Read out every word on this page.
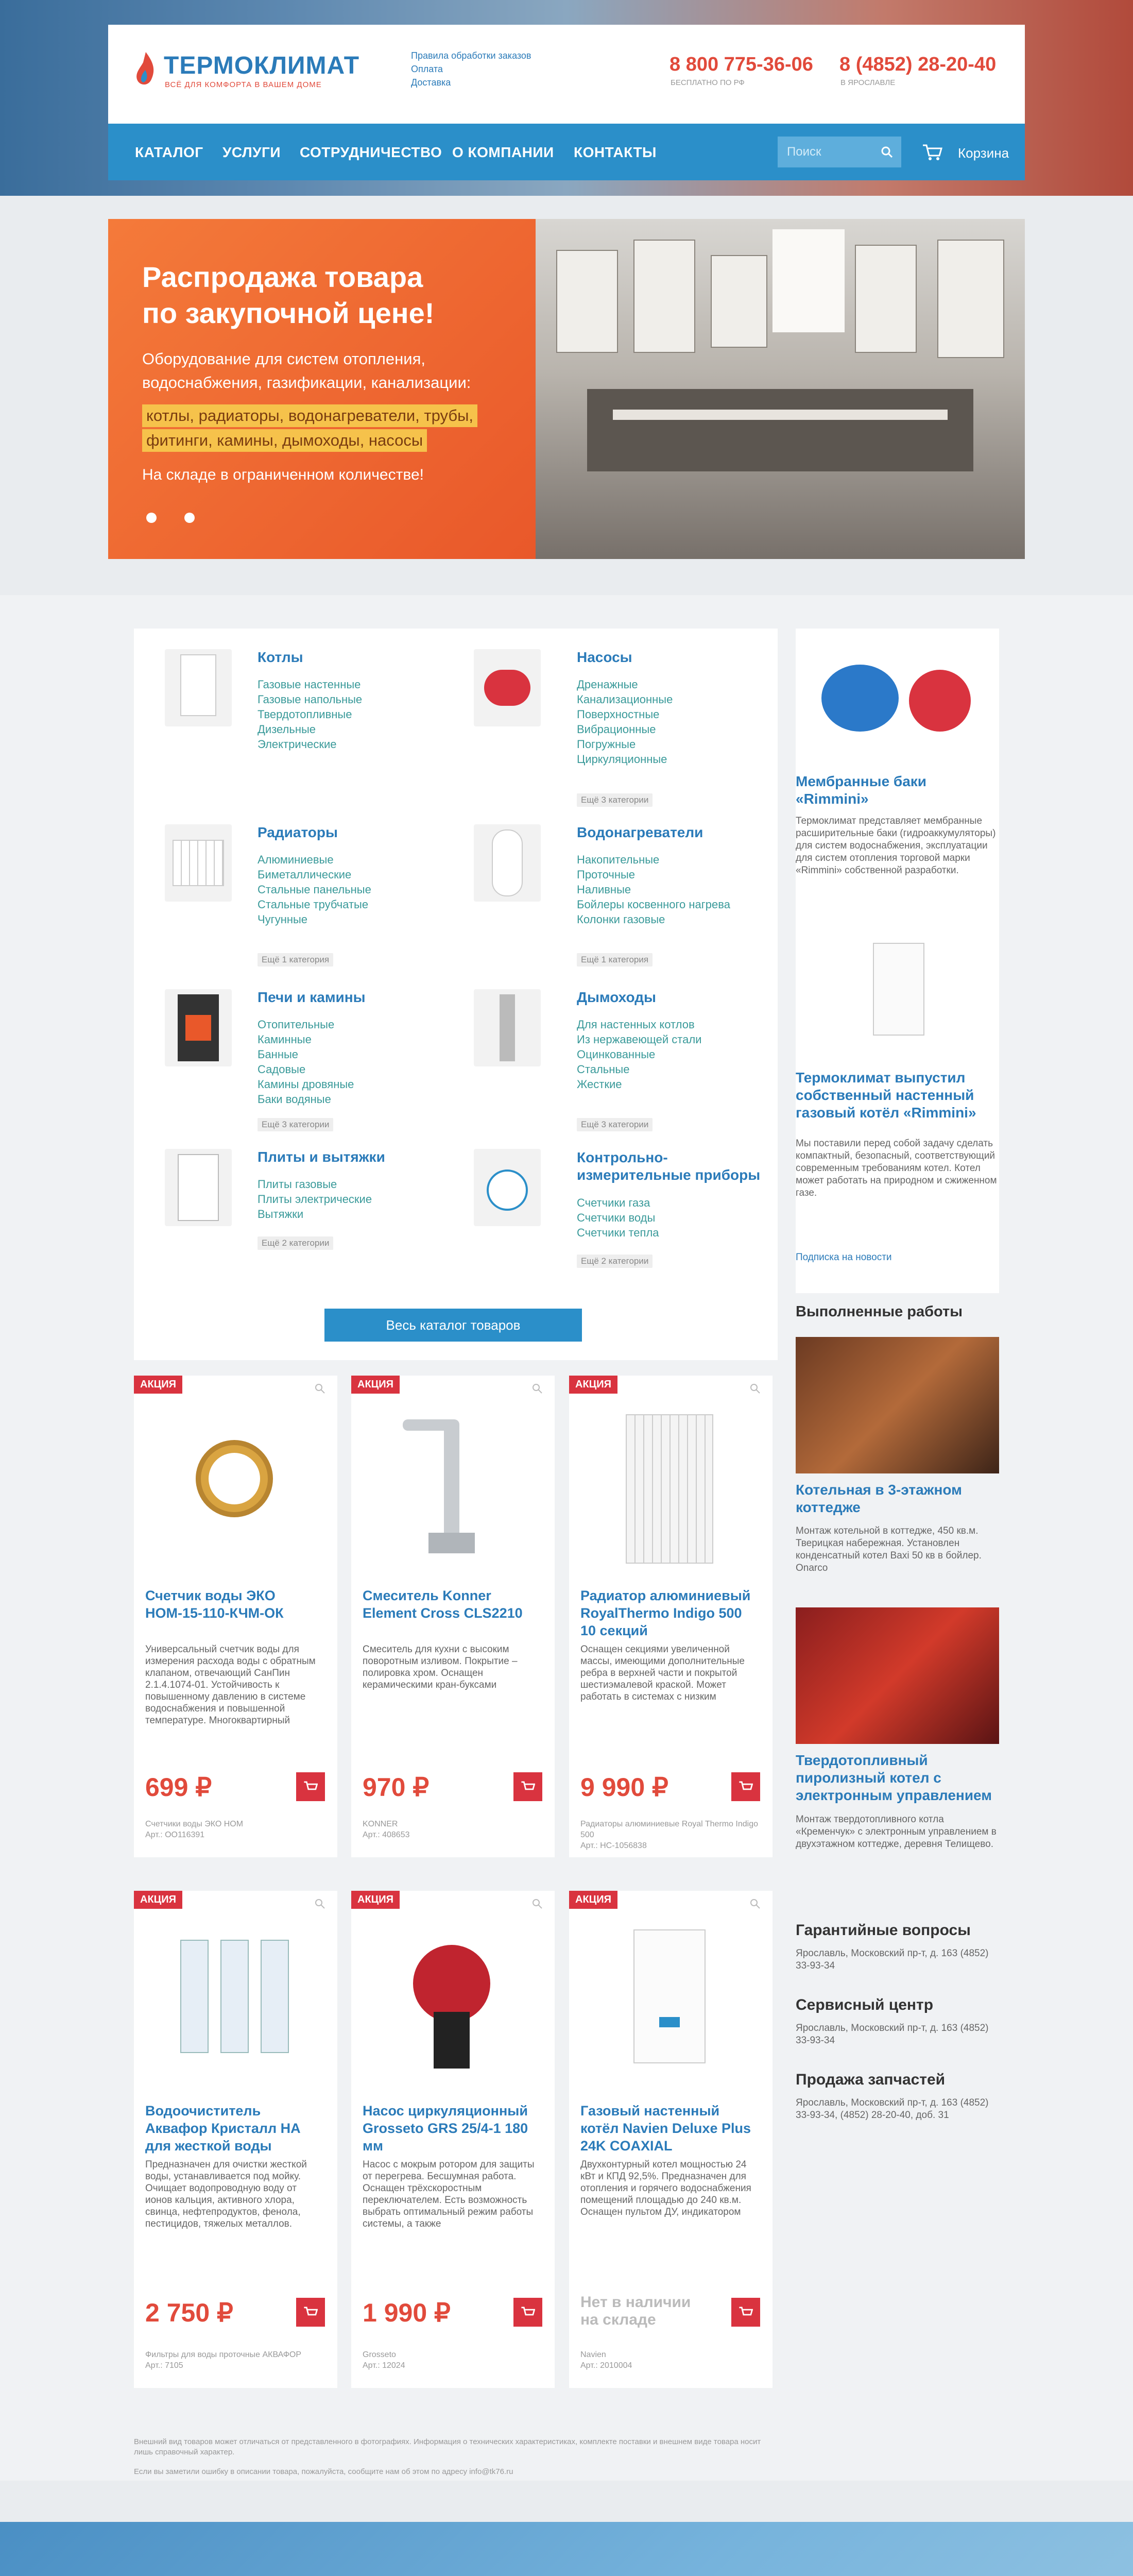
ТЕРМОКЛИМАТ
ВСЁ ДЛЯ КОМФОРТА В ВАШЕМ ДОМЕ
Правила обработки заказов
Оплата
Доставка
8 800 775-36-06
БЕСПЛАТНО ПО РФ
8 (4852) 28-20-40
В ЯРОСЛАВЛЕ
КАТАЛОГ УСЛУГИ СОТРУДНИЧЕСТВО О КОМПАНИИ КОНТАКТЫ	Поиск	Корзина
Распродажа товара
по закупочной цене!
Оборудование для систем отопления,
водоснабжения, газификации, канализации:
котлы, радиаторы, водонагреватели, трубы,
фитинги, камины, дымоходы, насосы
На складе в ограниченном количестве!
Котлы
Газовые настенные
Газовые напольные
Твердотопливные
Дизельные
Электрические
Насосы
Дренажные
Канализационные
Поверхностные
Вибрационные
Погружные
Циркуляционные
Ещё 3 категории
Радиаторы
Алюминиевые
Биметаллические
Стальные панельные
Стальные трубчатые
Чугунные
Ещё 1 категория
Водонагреватели
Накопительные
Проточные
Наливные
Бойлеры косвенного нагрева
Колонки газовые
Ещё 1 категория
Печи и камины
Отопительные
Каминные
Банные
Садовые
Камины дровяные
Баки водяные
Ещё 3 категории
Дымоходы
Для настенных котлов
Из нержавеющей стали
Оцинкованные
Стальные
Жесткие
Ещё 3 категории
Плиты и вытяжки
Плиты газовые
Плиты электрические
Вытяжки
Ещё 2 категории
Контрольно-измерительные приборы
Счетчики газа
Счетчики воды
Счетчики тепла
Ещё 2 категории
Весь каталог товаров
АКЦИЯ
Счетчик воды ЭКО НОМ-15-110-КЧМ-ОК
Универсальный счетчик воды для измерения расхода воды с обратным клапаном, отвечающий СанПин 2.1.4.1074-01. Устойчивость к повышенному давлению в системе водоснабжения и повышенной температуре. Многоквартирный
699 ₽
Счетчики воды ЭКО НОМ
Арт.: ОО116391
АКЦИЯ
Смеситель Konner Element Cross CLS2210
Смеситель для кухни с высоким поворотным изливом. Покрытие – полировка хром. Оснащен керамическими кран-буксами
970 ₽
KONNER
Арт.: 408653
АКЦИЯ
Радиатор алюминиевый RoyalThermo Indigo 500 10 секций
Оснащен секциями увеличенной массы, имеющими дополнительные ребра в верхней части и покрытой шестиэмалевой краской. Может работать в системах с низким
9 990 ₽
Радиаторы алюминиевые Royal Thermo Indigo 500
Арт.: НС-1056838
АКЦИЯ
Водоочиститель Аквафор Кристалл НА для жесткой воды
Предназначен для очистки жесткой воды, устанавливается под мойку. Очищает водопроводную воду от ионов кальция, активного хлора, свинца, нефтепродуктов, фенола, пестицидов, тяжелых металлов.
2 750 ₽
Фильтры для воды проточные АКВАФОР
Арт.: 7105
АКЦИЯ
Насос циркуляционный Grosseto GRS 25/4-1 180 мм
Насос с мокрым ротором для защиты от перегрева. Бесшумная работа. Оснащен трёхскоростным переключателем. Есть возможность выбрать оптимальный режим работы системы, а также
1 990 ₽
Grosseto
Арт.: 12024
АКЦИЯ
Газовый настенный котёл Navien Deluxe Plus 24K COAXIAL
Двухконтурный котел мощностью 24 кВт и КПД 92,5%. Предназначен для отопления и горячего водоснабжения помещений площадью до 240 кв.м. Оснащен пультом ДУ, индикатором
Нет в наличии на складе
Navien
Арт.: 2010004
Мембранные баки «Rimmini»
Термоклимат представляет мембранные расширительные баки (гидроаккумуляторы) для систем водоснабжения, эксплуатации для систем отопления торговой марки «Rimmini» собственной разработки.
Термоклимат выпустил собственный настенный газовый котёл «Rimmini»
Мы поставили перед собой задачу сделать компактный, безопасный, соответствующий современным требованиям котел. Котел может работать на природном и сжиженном газе.
Подписка на новости
Выполненные работы
Котельная в 3-этажном коттедже
Монтаж котельной в коттедже, 450 кв.м. Тверицкая набережная. Установлен конденсатный котел Baxi 50 кв в бойлер. Onarco
Твердотопливный пиролизный котел с электронным управлением
Монтаж твердотопливного котла «Кременчук» с электронным управлением в двухэтажном коттедже, деревня Телищево.
Гарантийные вопросы
Ярославль, Московский пр-т, д. 163 (4852) 33-93-34
Сервисный центр
Ярославль, Московский пр-т, д. 163 (4852) 33-93-34
Продажа запчастей
Ярославль, Московский пр-т, д. 163 (4852) 33-93-34, (4852) 28-20-40, доб. 31
Внешний вид товаров может отличаться от представленного в фотографиях. Информация о технических характеристиках, комплекте поставки и внешнем виде товара носит лишь справочный характер.
Если вы заметили ошибку в описании товара, пожалуйста, сообщите нам об этом по адресу info@tk76.ru
